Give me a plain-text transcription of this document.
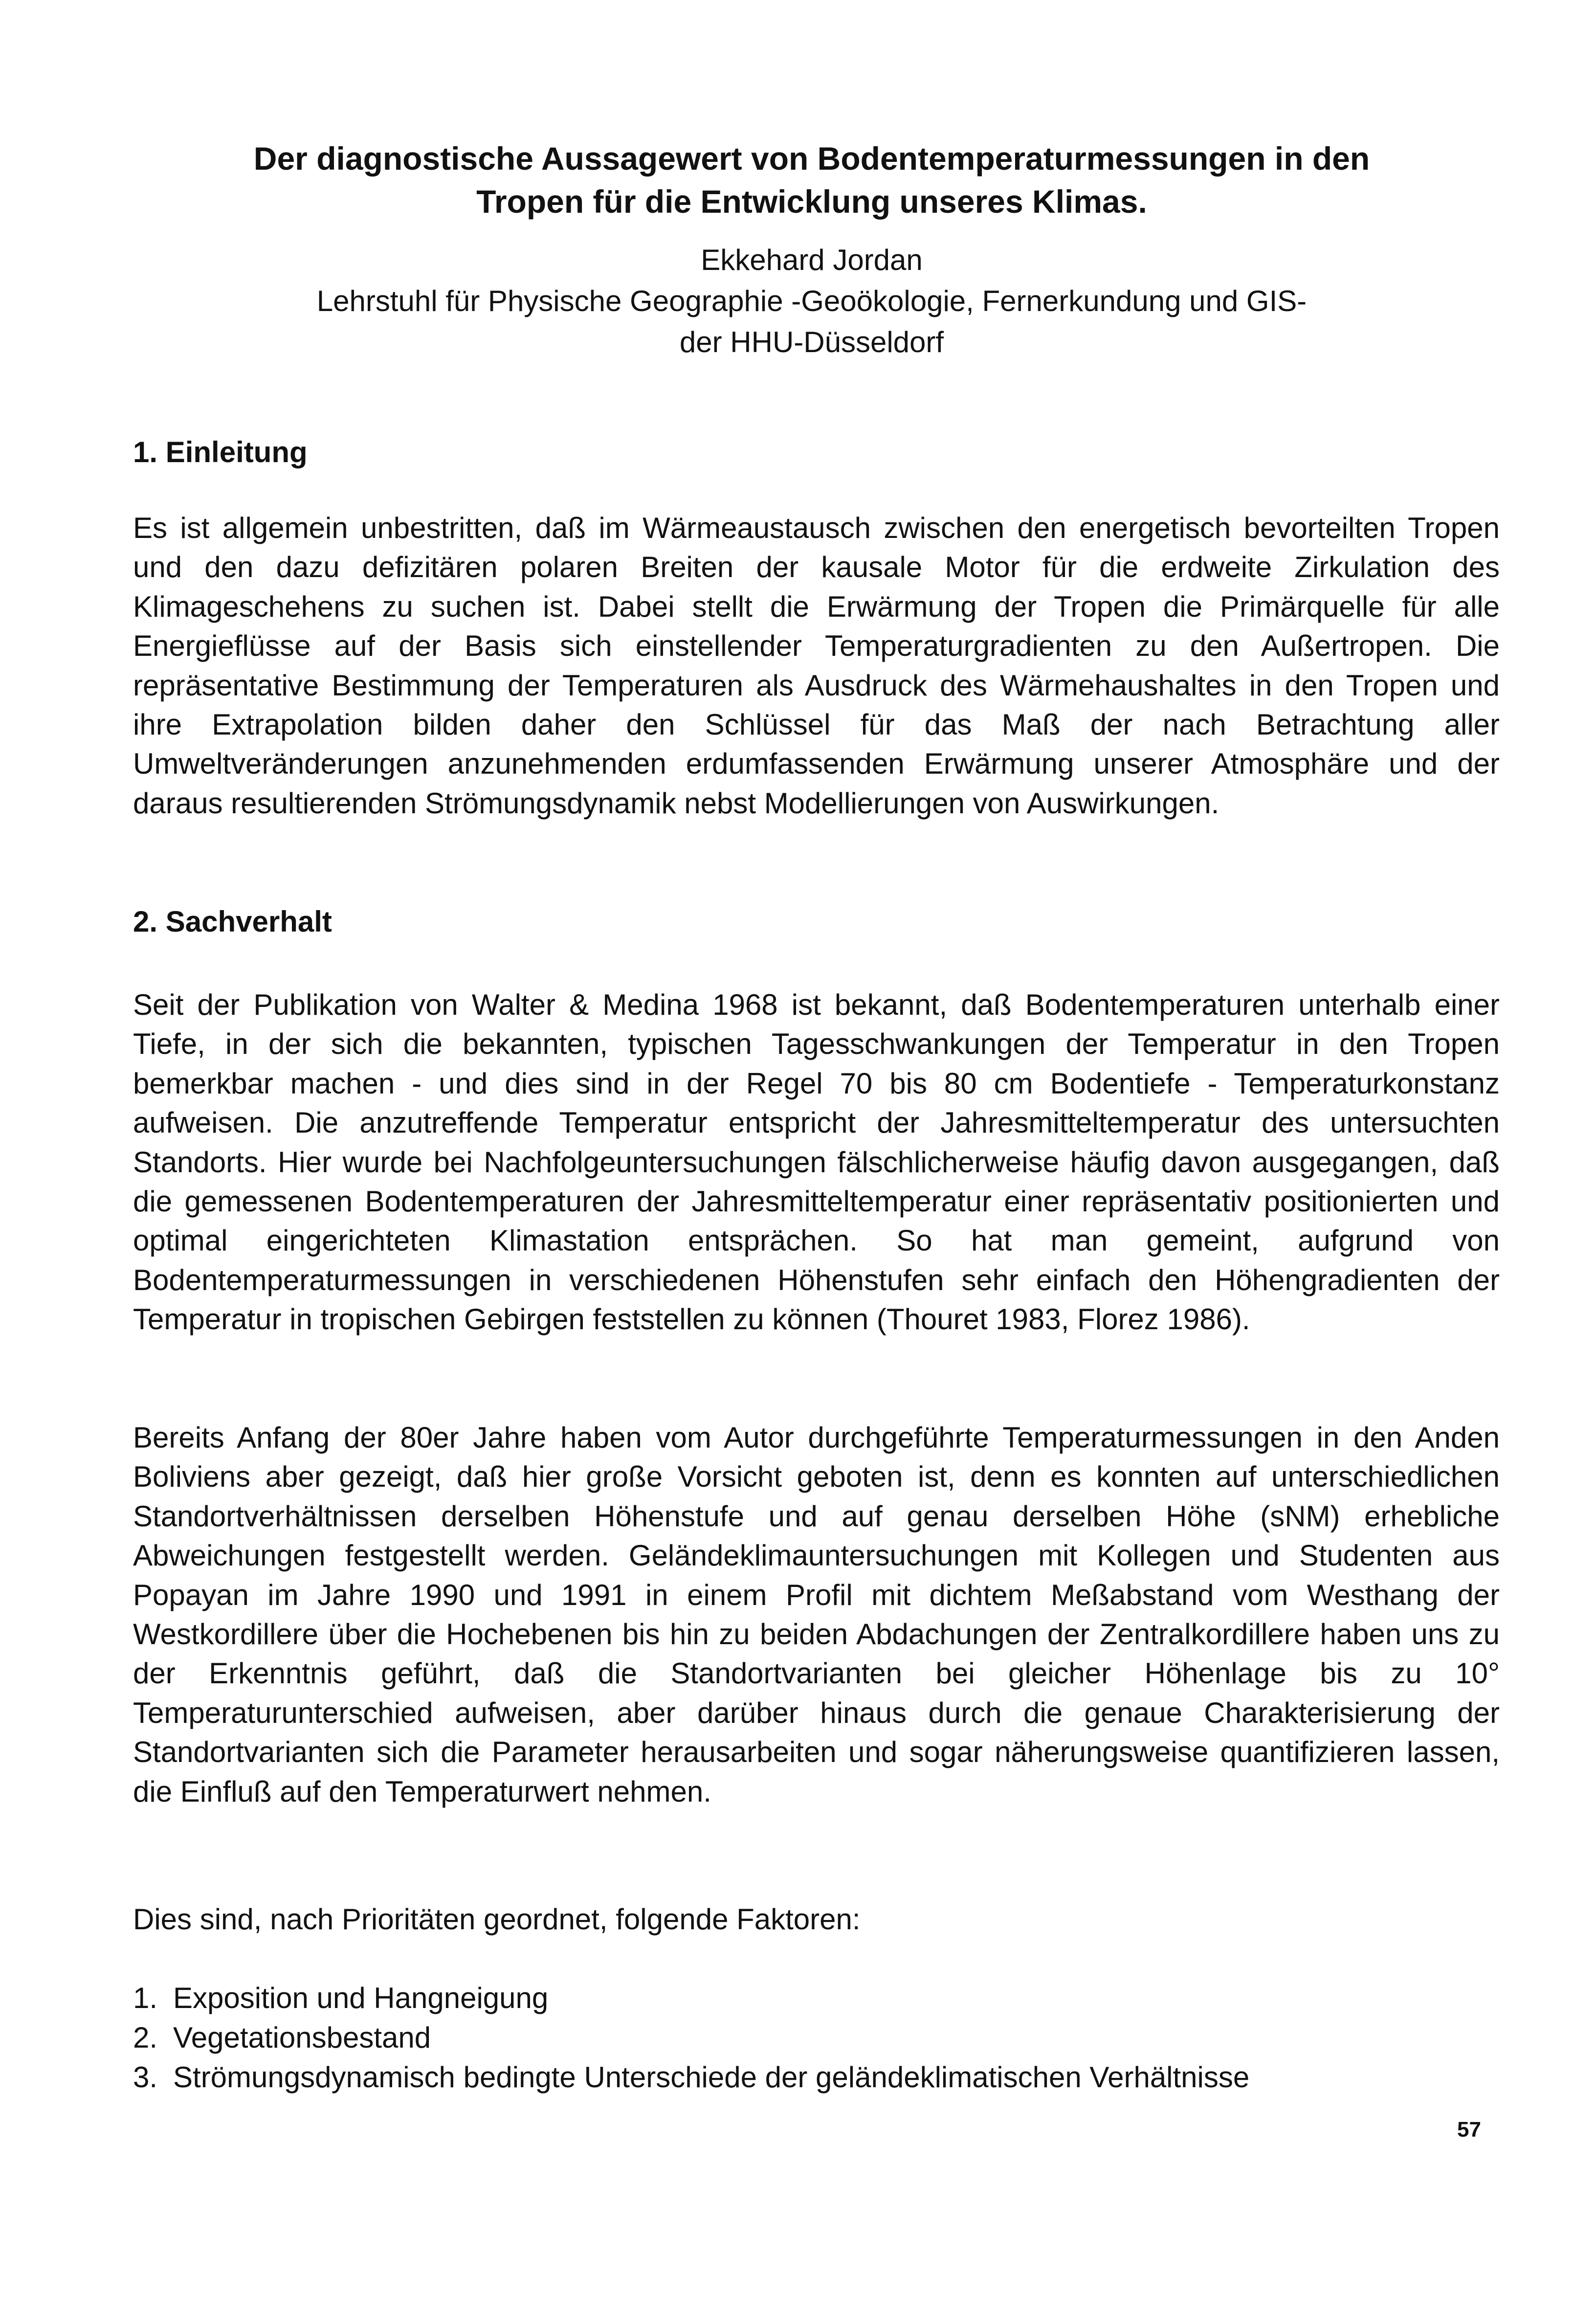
Der diagnostische Aussagewert von Bodentemperaturmessungen in den
Tropen für die Entwicklung unseres Klimas.
Ekkehard Jordan
Lehrstuhl für Physische Geographie -Geoökologie, Fernerkundung und GIS-
der HHU-Düsseldorf
1. Einleitung

Es ist allgemein unbestritten, daß im Wärmeaustausch zwischen den energetisch bevorteilten Tropen und den dazu defizitären polaren Breiten der kausale Motor für die erdweite Zirkulation des Klimageschehens zu suchen ist. Dabei stellt die Erwärmung der Tropen die Primärquelle für alle Energieflüsse auf der Basis sich einstellender Temperaturgradienten zu den Außertropen. Die repräsentative Bestimmung der Temperaturen als Ausdruck des Wärmehaushaltes in den Tropen und ihre Extrapolation bilden daher den Schlüssel für das Maß der nach Betrachtung aller Umweltveränderungen anzunehmenden erdumfassenden Erwärmung unserer Atmosphäre und der daraus resultierenden Strömungsdynamik nebst Modellierungen von Auswirkungen.

2. Sachverhalt

Seit der Publikation von Walter & Medina 1968 ist bekannt, daß Bodentemperaturen unterhalb einer Tiefe, in der sich die bekannten, typischen Tagesschwankungen der Temperatur in den Tropen bemerkbar machen - und dies sind in der Regel 70 bis 80 cm Bodentiefe - Temperaturkonstanz aufweisen. Die anzutreffende Temperatur entspricht der Jahresmitteltemperatur des untersuchten Standorts. Hier wurde bei Nachfolgeuntersuchungen fälschlicherweise häufig davon ausgegangen, daß die gemessenen Bodentemperaturen der Jahresmitteltemperatur einer repräsentativ positionierten und optimal eingerichteten Klimastation entsprächen. So hat man gemeint, aufgrund von Bodentemperaturmessungen in verschiedenen Höhenstufen sehr einfach den Höhengradienten der Temperatur in tropischen Gebirgen feststellen zu können (Thouret 1983, Florez 1986).

Bereits Anfang der 80er Jahre haben vom Autor durchgeführte Temperaturmessungen in den Anden Boliviens aber gezeigt, daß hier große Vorsicht geboten ist, denn es konnten auf unterschiedlichen Standortverhältnissen derselben Höhenstufe und auf genau derselben Höhe (sNM) erhebliche Abweichungen festgestellt werden. Geländeklimauntersuchungen mit Kollegen und Studenten aus Popayan im Jahre 1990 und 1991 in einem Profil mit dichtem Meßabstand vom Westhang der Westkordillere über die Hochebenen bis hin zu beiden Abdachungen der Zentralkordillere haben uns zu der Erkenntnis geführt, daß die Standortvarianten bei gleicher Höhenlage bis zu 10° Temperaturunterschied aufweisen, aber darüber hinaus durch die genaue Charakterisierung der Standortvarianten sich die Parameter herausarbeiten und sogar näherungsweise quantifizieren lassen, die Einfluß auf den Temperaturwert nehmen.

Dies sind, nach Prioritäten geordnet, folgende Faktoren:

1. Exposition und Hangneigung
2. Vegetationsbestand
3. Strömungsdynamisch bedingte Unterschiede der geländeklimatischen Verhältnisse
57
